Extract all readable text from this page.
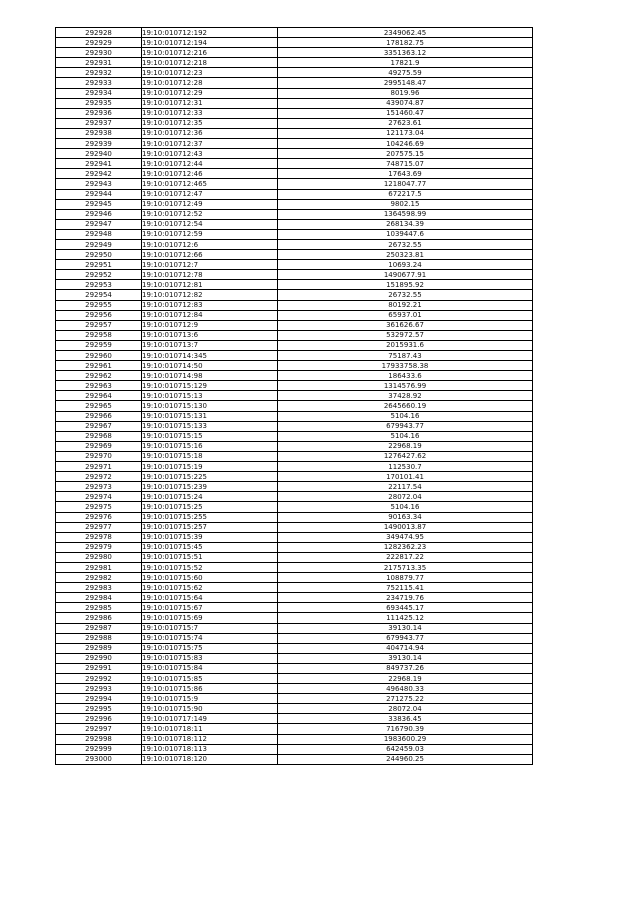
292928	19:10:010712:192	2349062.45
292929	19:10:010712:194	178182.75
292930	19:10:010712:216	3351363.12
292931	19:10:010712:218	17821.9
292932	19:10:010712:23	49275.59
292933	19:10:010712:28	2995148.47
292934	19:10:010712:29	8019.96
292935	19:10:010712:31	439074.87
292936	19:10:010712:33	151460.47
292937	19:10:010712:35	27623.61
292938	19:10:010712:36	121173.04
292939	19:10:010712:37	104246.69
292940	19:10:010712:43	207575.15
292941	19:10:010712:44	748715.07
292942	19:10:010712:46	17643.69
292943	19:10:010712:465	1218047.77
292944	19:10:010712:47	672217.5
292945	19:10:010712:49	9802.15
292946	19:10:010712:52	1364598.99
292947	19:10:010712:54	268134.39
292948	19:10:010712:59	1039447.6
292949	19:10:010712:6	26732.55
292950	19:10:010712:66	250323.81
292951	19:10:010712:7	10693.24
292952	19:10:010712:78	1490677.91
292953	19:10:010712:81	151895.92
292954	19:10:010712:82	26732.55
292955	19:10:010712:83	80192.21
292956	19:10:010712:84	65937.01
292957	19:10:010712:9	361626.67
292958	19:10:010713:6	532972.57
292959	19:10:010713:7	2015931.6
292960	19:10:010714:345	75187.43
292961	19:10:010714:50	17933758.38
292962	19:10:010714:98	186433.6
292963	19:10:010715:129	1314576.99
292964	19:10:010715:13	37428.92
292965	19:10:010715:130	2645660.19
292966	19:10:010715:131	5104.16
292967	19:10:010715:133	679943.77
292968	19:10:010715:15	5104.16
292969	19:10:010715:16	22968.19
292970	19:10:010715:18	1276427.62
292971	19:10:010715:19	112530.7
292972	19:10:010715:225	170101.41
292973	19:10:010715:239	22117.54
292974	19:10:010715:24	28072.04
292975	19:10:010715:25	5104.16
292976	19:10:010715:255	90163.34
292977	19:10:010715:257	1490013.87
292978	19:10:010715:39	349474.95
292979	19:10:010715:45	1282362.23
292980	19:10:010715:51	222817.22
292981	19:10:010715:52	2175713.35
292982	19:10:010715:60	108879.77
292983	19:10:010715:62	752115.41
292984	19:10:010715:64	234719.76
292985	19:10:010715:67	693445.17
292986	19:10:010715:69	111425.12
292987	19:10:010715:7	39130.14
292988	19:10:010715:74	679943.77
292989	19:10:010715:75	404714.94
292990	19:10:010715:83	39130.14
292991	19:10:010715:84	849737.26
292992	19:10:010715:85	22968.19
292993	19:10:010715:86	496480.33
292994	19:10:010715:9	271275.22
292995	19:10:010715:90	28072.04
292996	19:10:010717:149	33836.45
292997	19:10:010718:11	716790.39
292998	19:10:010718:112	1983600.29
292999	19:10:010718:113	642459.03
293000	19:10:010718:120	244960.25
